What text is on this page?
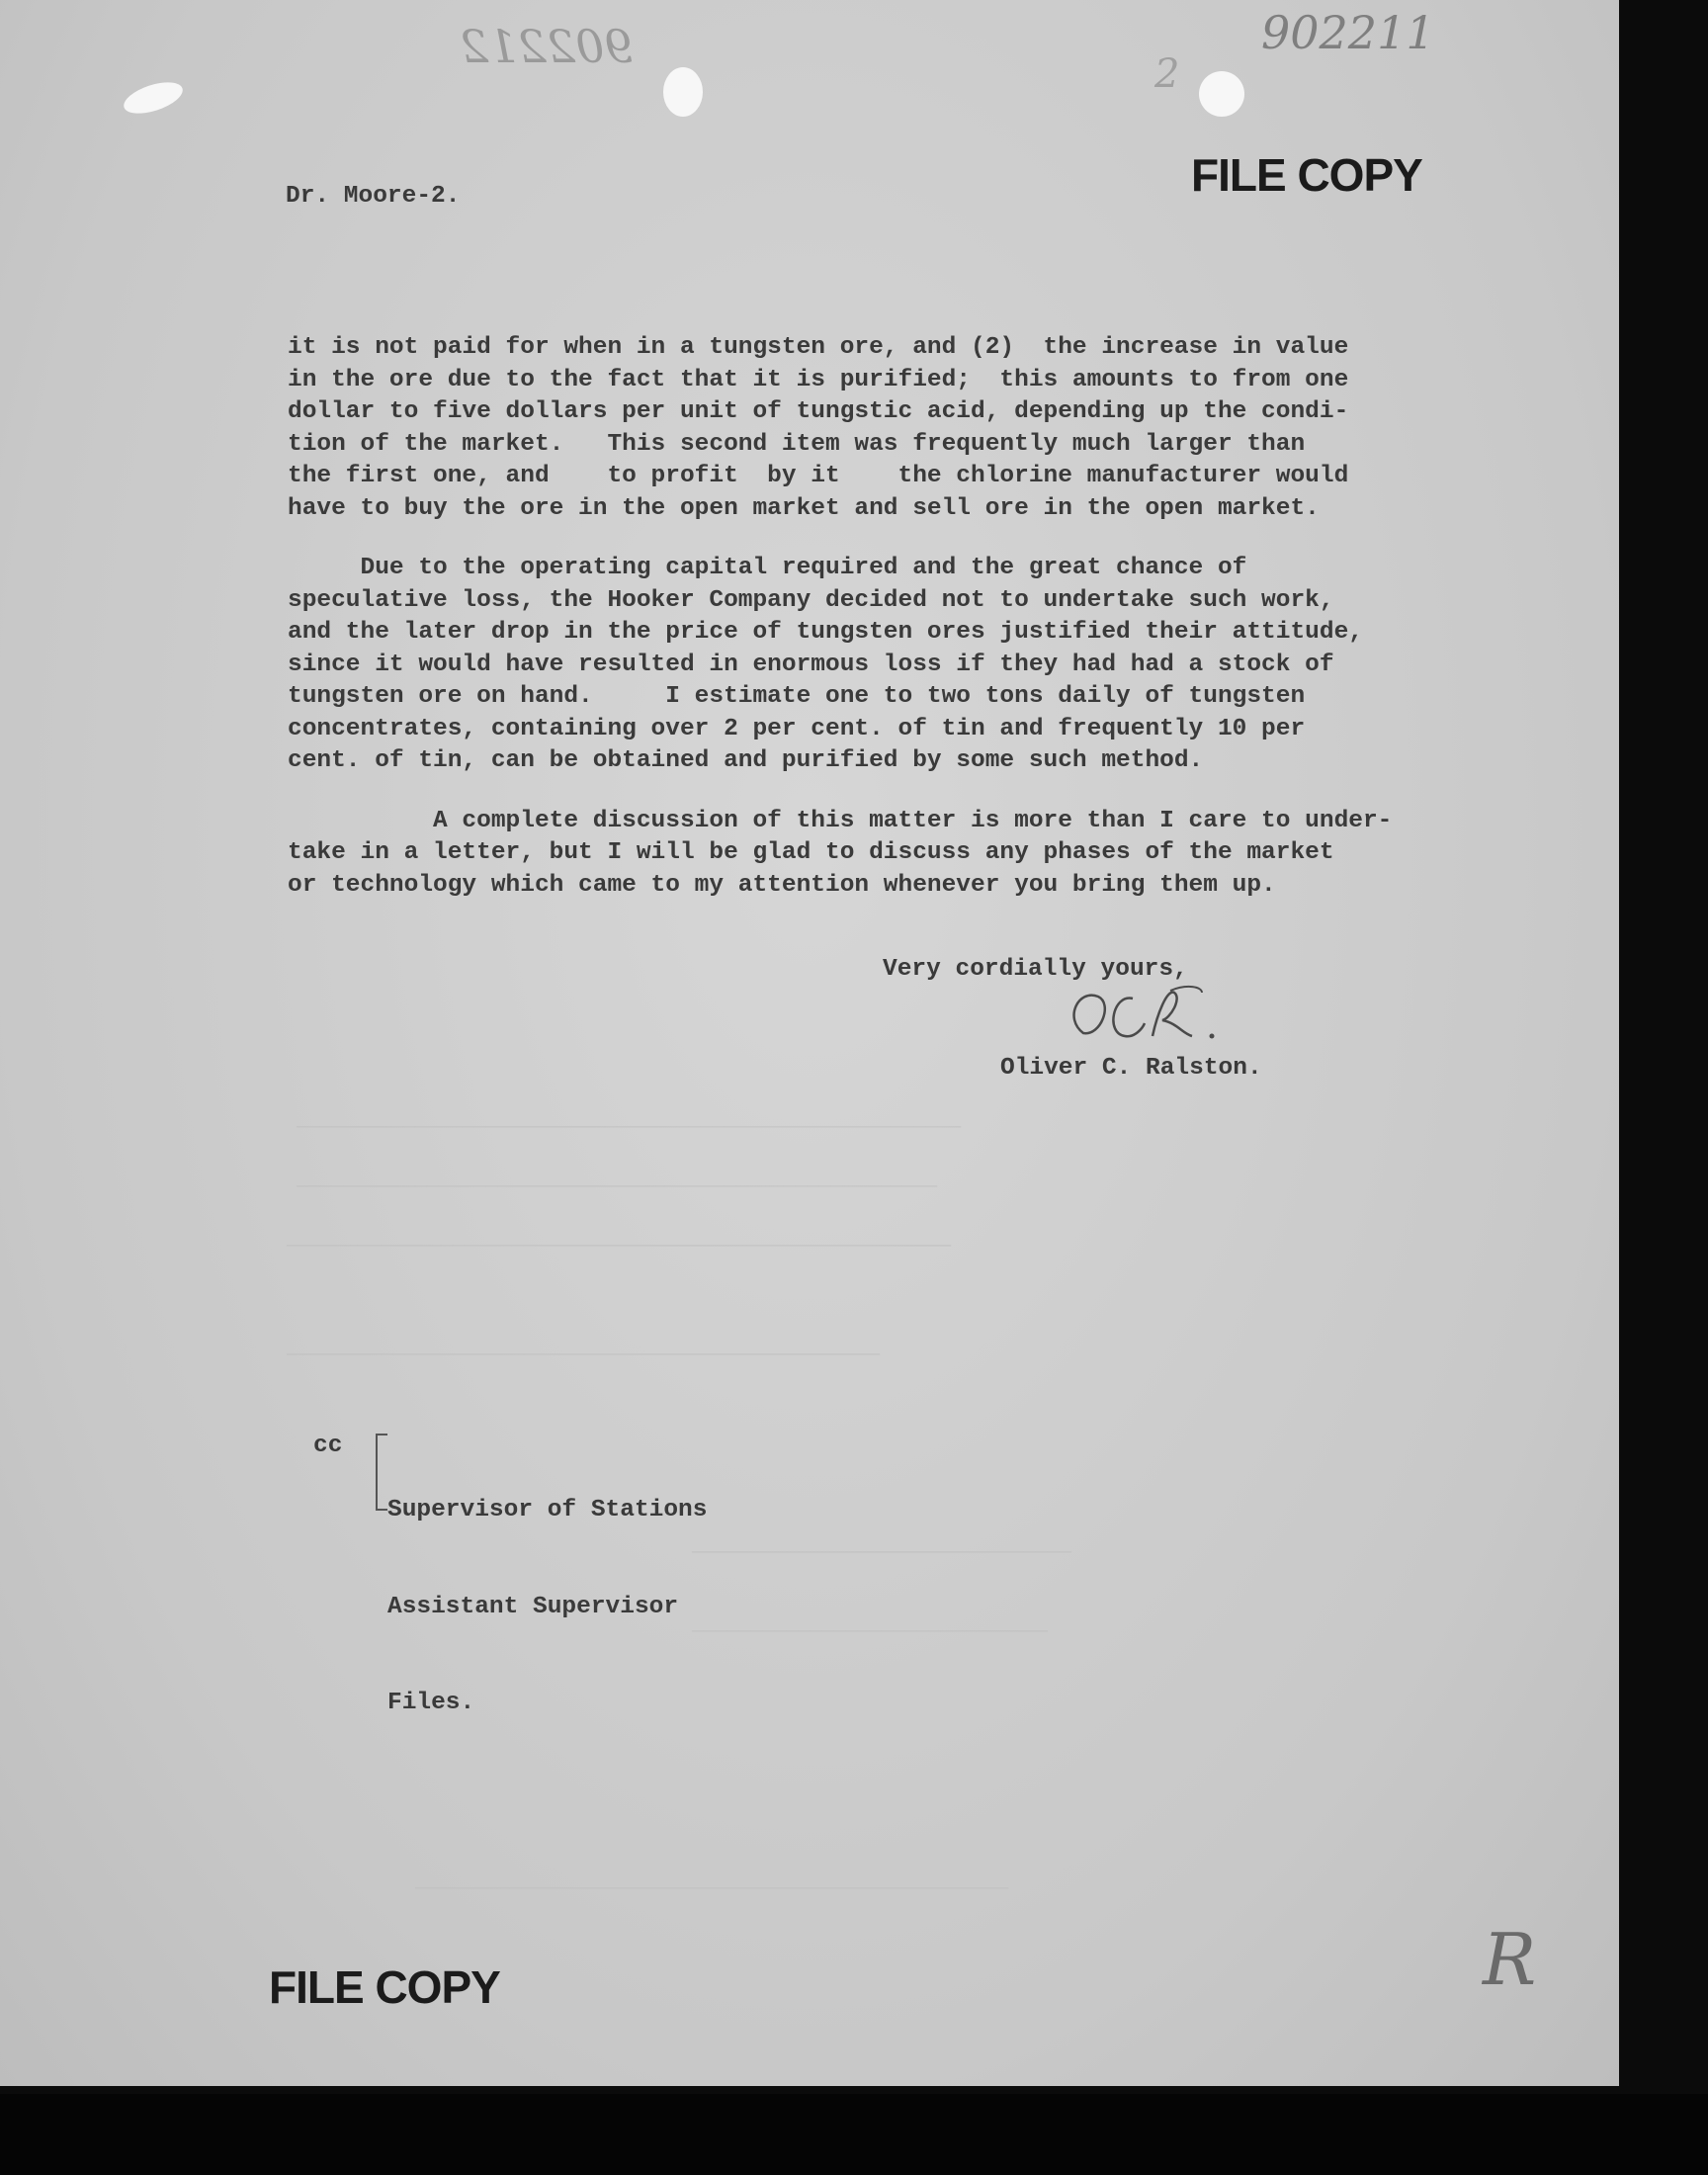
902212	902211
2
FILE COPY
Dr. Moore-2.
it is not paid for when in a tungsten ore, and (2)  the increase in value
in the ore due to the fact that it is purified;  this amounts to from one
dollar to five dollars per unit of tungstic acid, depending up the condi-
tion of the market.   This second item was frequently much larger than
the first one, and    to profit  by it    the chlorine manufacturer would
have to buy the ore in the open market and sell ore in the open market.
Due to the operating capital required and the great chance of
speculative loss, the Hooker Company decided not to undertake such work,
and the later drop in the price of tungsten ores justified their attitude,
since it would have resulted in enormous loss if they had had a stock of
tungsten ore on hand.     I estimate one to two tons daily of tungsten
concentrates, containing over 2 per cent. of tin and frequently 10 per
cent. of tin, can be obtained and purified by some such method.
A complete discussion of this matter is more than I care to under-
take in a letter, but I will be glad to discuss any phases of the market
or technology which came to my attention whenever you bring them up.
Very cordially yours,
Oliver C. Ralston.
cc

Supervisor of Stations

Assistant Supervisor

Files.

────────────────────────────────────────────────────────
──────────────────────────────────────────────────────
────────────────────────────────────────────────────────
──────────────────────────────────────────────────
────────────────────────────────
──────────────────────────────
──────────────────────────────────────────────────
FILE COPY	R
